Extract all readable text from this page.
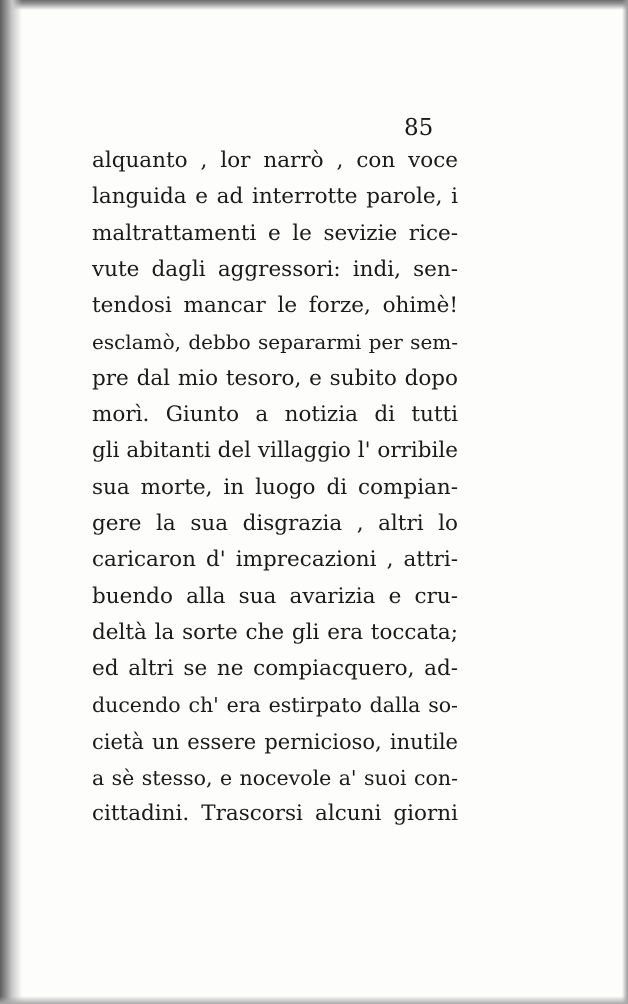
85
alquanto , lor narrò , con voce
languida e ad interrotte parole, i
maltrattamenti e le sevizie rice-
vute dagli aggressori: indi, sen-
tendosi mancar le forze, ohimè!
esclamò, debbo separarmi per sem-
pre dal mio tesoro, e subito dopo
morì. Giunto a notizia di tutti
gli abitanti del villaggio l' orribile
sua morte, in luogo di compian-
gere la sua disgrazia , altri lo
caricaron d' imprecazioni , attri-
buendo alla sua avarizia e cru-
deltà la sorte che gli era toccata;
ed altri se ne compiacquero, ad-
ducendo ch' era estirpato dalla so-
cietà un essere pernicioso, inutile
a sè stesso, e nocevole a' suoi con-
cittadini. Trascorsi alcuni giorni
